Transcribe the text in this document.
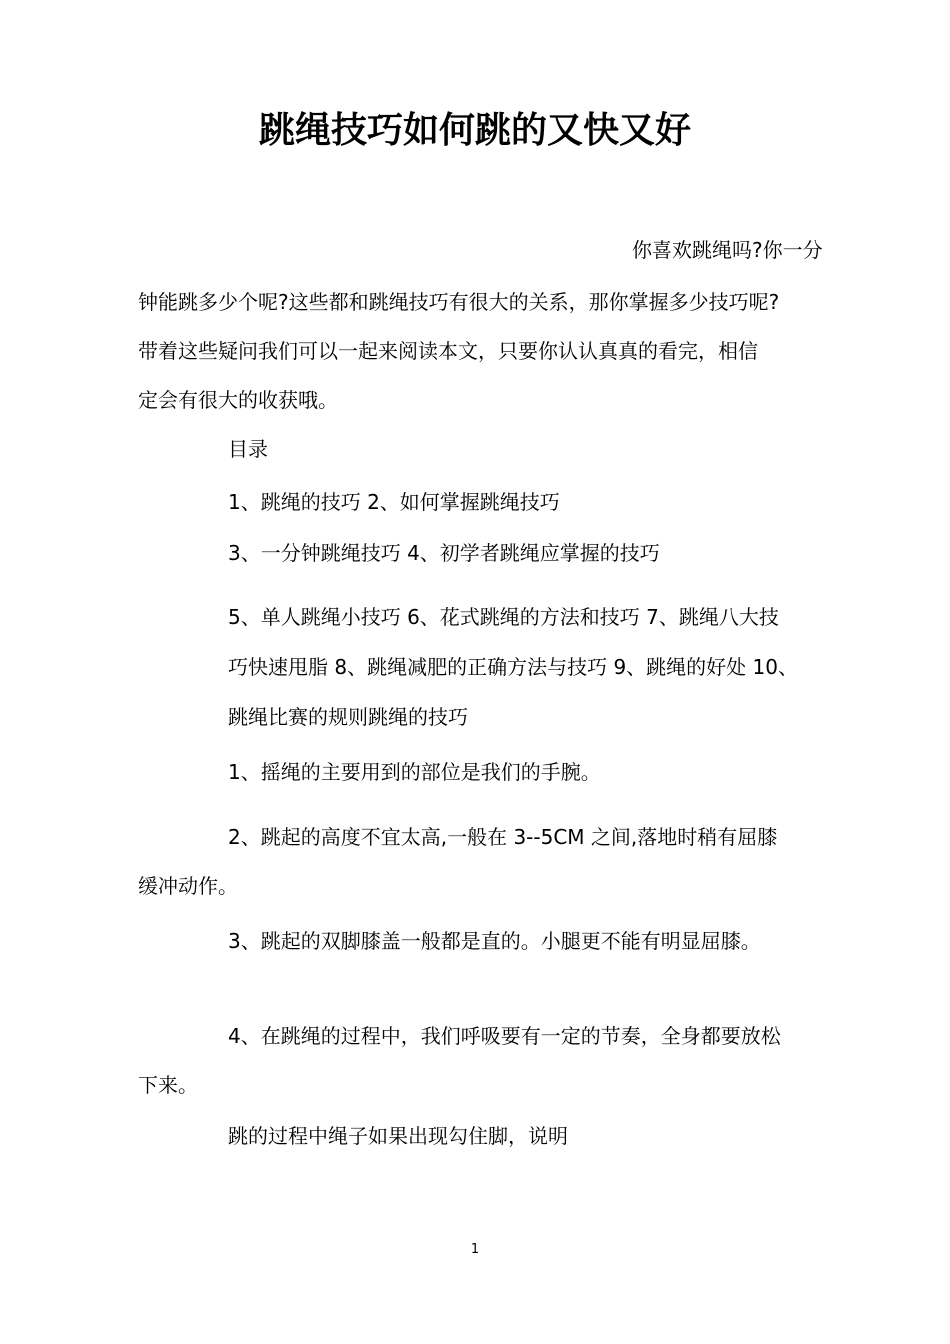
跳绳技巧如何跳的又快又好
你喜欢跳绳吗?你一分
钟能跳多少个呢?这些都和跳绳技巧有很大的关系，那你掌握多少技巧呢?
带着这些疑问我们可以一起来阅读本文，只要你认认真真的看完，相信
定会有很大的收获哦。
目录
1、跳绳的技巧 2、如何掌握跳绳技巧
3、一分钟跳绳技巧 4、初学者跳绳应掌握的技巧
5、单人跳绳小技巧 6、花式跳绳的方法和技巧 7、跳绳八大技
巧快速甩脂 8、跳绳减肥的正确方法与技巧 9、跳绳的好处 10、
跳绳比赛的规则跳绳的技巧
1、摇绳的主要用到的部位是我们的手腕。
2、跳起的高度不宜太高,一般在 3--5CM 之间,落地时稍有屈膝
缓冲动作。
3、跳起的双脚膝盖一般都是直的。小腿更不能有明显屈膝。
4、在跳绳的过程中，我们呼吸要有一定的节奏，全身都要放松
下来。
跳的过程中绳子如果出现勾住脚，说明
1
